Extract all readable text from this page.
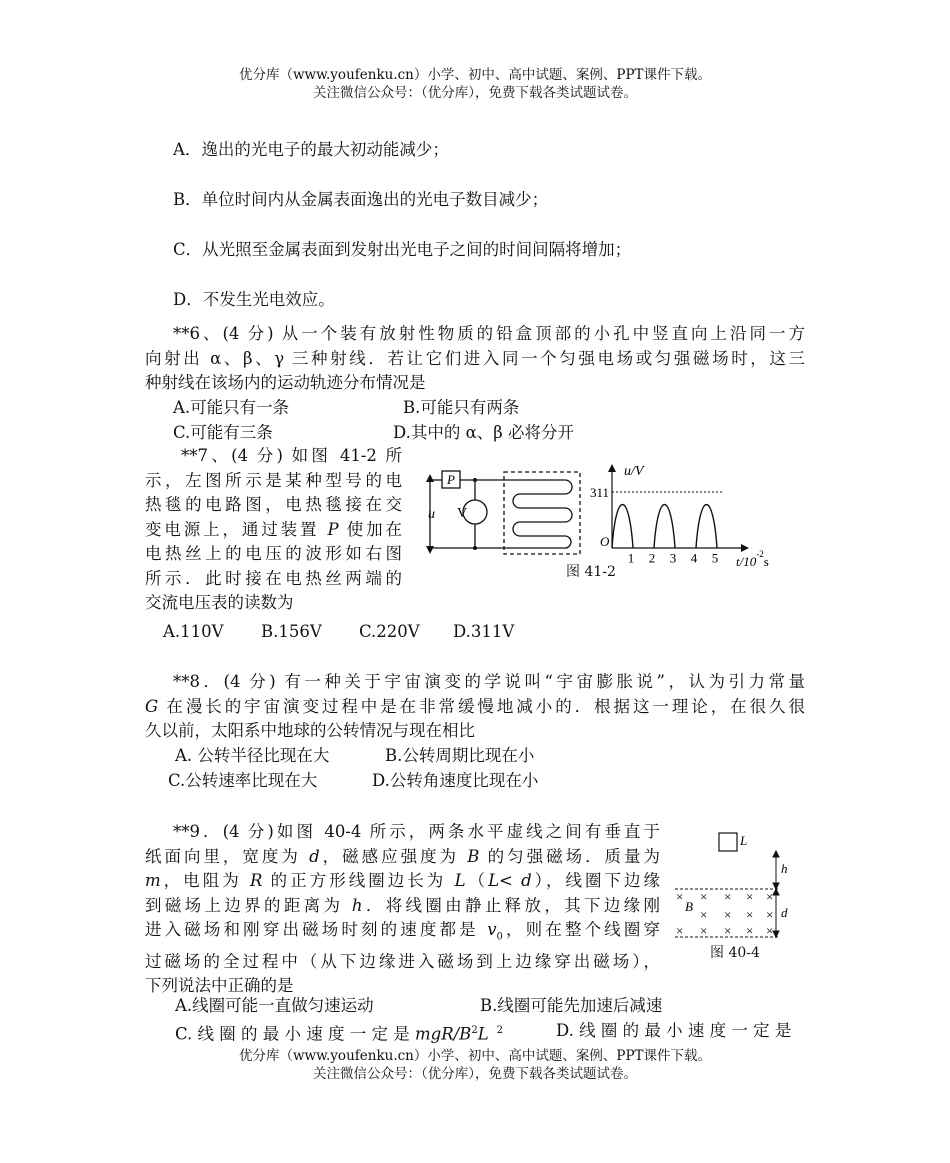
优分库（www.youfenku.cn）小学、初中、高中试题、案例、PPT课件下载。
关注微信公众号：（优分库），免费下载各类试题试卷。
A．逸出的光电子的最大初动能减少；
B．单位时间内从金属表面逸出的光电子数目减少；
C．从光照至金属表面到发射出光电子之间的时间间隔将增加；
D．不发生光电效应。
**6、(4 分) 从一个装有放射性物质的铅盒顶部的小孔中竖直向上沿同一方
向射出 α、β、γ 三种射线．若让它们进入同一个匀强电场或匀强磁场时，这三
种射线在该场内的运动轨迹分布情况是
A.可能只有一条	B.可能只有两条
C.可能有三条	D.其中的 α、β 必将分开
**7、(4 分) 如图 41-2 所
示，左图所示是某种型号的电
热毯的电路图，电热毯接在交
变电源上，通过装置 P 使加在
电热丝上的电压的波形如右图
所示．此时接在电热丝两端的
交流电压表的读数为
A.110V B.156V C.220V D.311V
P
V
u
u/V
311
O
1 2 3 4 5 $t/10^{-2}s$
图 41-2
**8．(4 分) 有一种关于宇宙演变的学说叫“宇宙膨胀说”，认为引力常量
G 在漫长的宇宙演变过程中是在非常缓慢地减小的．根据这一理论，在很久很
久以前，太阳系中地球的公转情况与现在相比
A. 公转半径比现在大	B.公转周期比现在小
C.公转速率比现在大	D.公转角速度比现在小
**9．(4 分)如图 40-4 所示，两条水平虚线之间有垂直于
纸面向里，宽度为 d，磁感应强度为 B 的匀强磁场．质量为
m，电阻为 R 的正方形线圈边长为 L（L< d），线圈下边缘
到磁场上边界的距离为 h．将线圈由静止释放，其下边缘刚
进入磁场和刚穿出磁场时刻的速度都是 $v_0$，则在整个线圈穿
过磁场的全过程中（从下边缘进入磁场到上边缘穿出磁场），
下列说法中正确的是
A.线圈可能一直做匀速运动	B.线圈可能先加速后减速
C. 线 圈 的 最 小 速 度 一 定 是 mgR/$B^2L$ $^2$	D. 线 圈 的 最 小 速 度 一 定 是
L
h
d
B
× × × × ×
× × × ×
× × × × ×
图 40-4
优分库（www.youfenku.cn）小学、初中、高中试题、案例、PPT课件下载。
关注微信公众号：（优分库），免费下载各类试题试卷。
